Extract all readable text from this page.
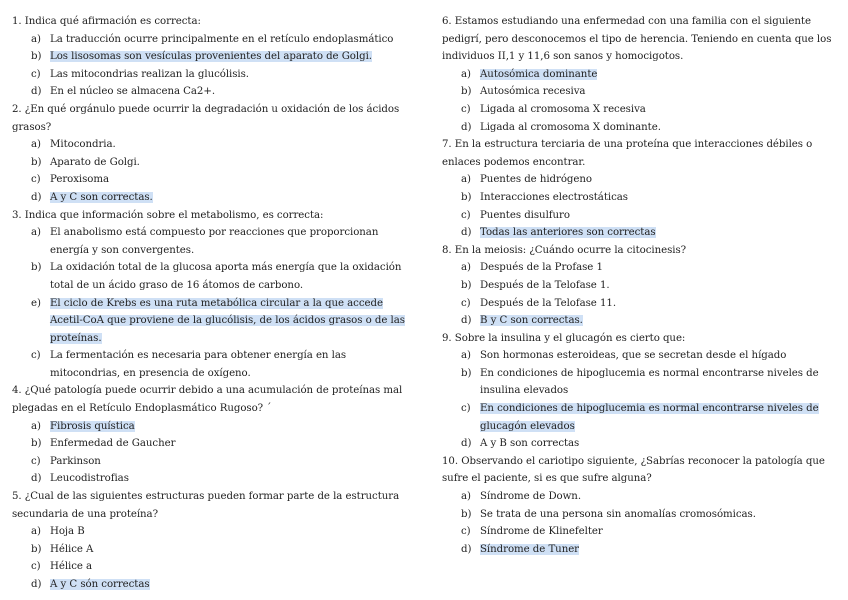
1. Indica qué afirmación es correcta:

a) La traducción ocurre principalmente en el retículo endoplasmático
b) Los lisosomas son vesículas provenientes del aparato de Golgi.
c) Las mitocondrias realizan la glucólisis.
d) En el núcleo se almacena Ca2+.

2. ¿En qué orgánulo puede ocurrir la degradación u oxidación de los ácidos grasos?

a) Mitocondria.
b) Aparato de Golgi.
c) Peroxisoma
d) A y C son correctas.

3. Indica que información sobre el metabolismo, es correcta:

a) El anabolismo está compuesto por reacciones que proporcionan energía y son convergentes.
b) La oxidación total de la glucosa aporta más energía que la oxidación total de un ácido graso de 16 átomos de carbono.
e) El ciclo de Krebs es una ruta metabólica circular a la que accede Acetil-CoA que proviene de la glucólisis, de los ácidos grasos o de las proteínas.
c) La fermentación es necesaria para obtener energía en las mitocondrias, en presencia de oxígeno.

4. ¿Qué patología puede ocurrir debido a una acumulación de proteínas mal plegadas en el Retículo Endoplasmático Rugoso? ´

a) Fibrosis quística
b) Enfermedad de Gaucher
c) Parkinson
d) Leucodistrofias

5. ¿Cual de las siguientes estructuras pueden formar parte de la estructura secundaria de una proteína?

a) Hoja B
b) Hélice A
c) Hélice a
d) A y C són correctas

6. Estamos estudiando una enfermedad con una familia con el siguiente pedigrí, pero desconocemos el tipo de herencia. Teniendo en cuenta que los individuos II,1 y 11,6 son sanos y homocigotos.

a) Autosómica dominante
b) Autosómica recesiva
c) Ligada al cromosoma X recesiva
d) Ligada al cromosoma X dominante.

7. En la estructura terciaria de una proteína que interacciones débiles o enlaces podemos encontrar.

a) Puentes de hidrógeno
b) Interacciones electrostáticas
c) Puentes disulfuro
d) Todas las anteriores son correctas

8. En la meiosis: ¿Cuándo ocurre la citocinesis?

a) Después de la Profase 1
b) Después de la Telofase 1.
c) Después de la Telofase 11.
d) B y C son correctas.

9. Sobre la insulina y el glucagón es cierto que:

a) Son hormonas esteroideas, que se secretan desde el hígado
b) En condiciones de hipoglucemia es normal encontrarse niveles de insulina elevados
c) En condiciones de hipoglucemia es normal encontrarse niveles de glucagón elevados
d) A y B son correctas

10. Observando el cariotipo siguiente, ¿Sabrías reconocer la patología que sufre el paciente, si es que sufre alguna?

a) Síndrome de Down.
b) Se trata de una persona sin anomalías cromosómicas.
c) Síndrome de Klinefelter
d) Síndrome de Tuner
